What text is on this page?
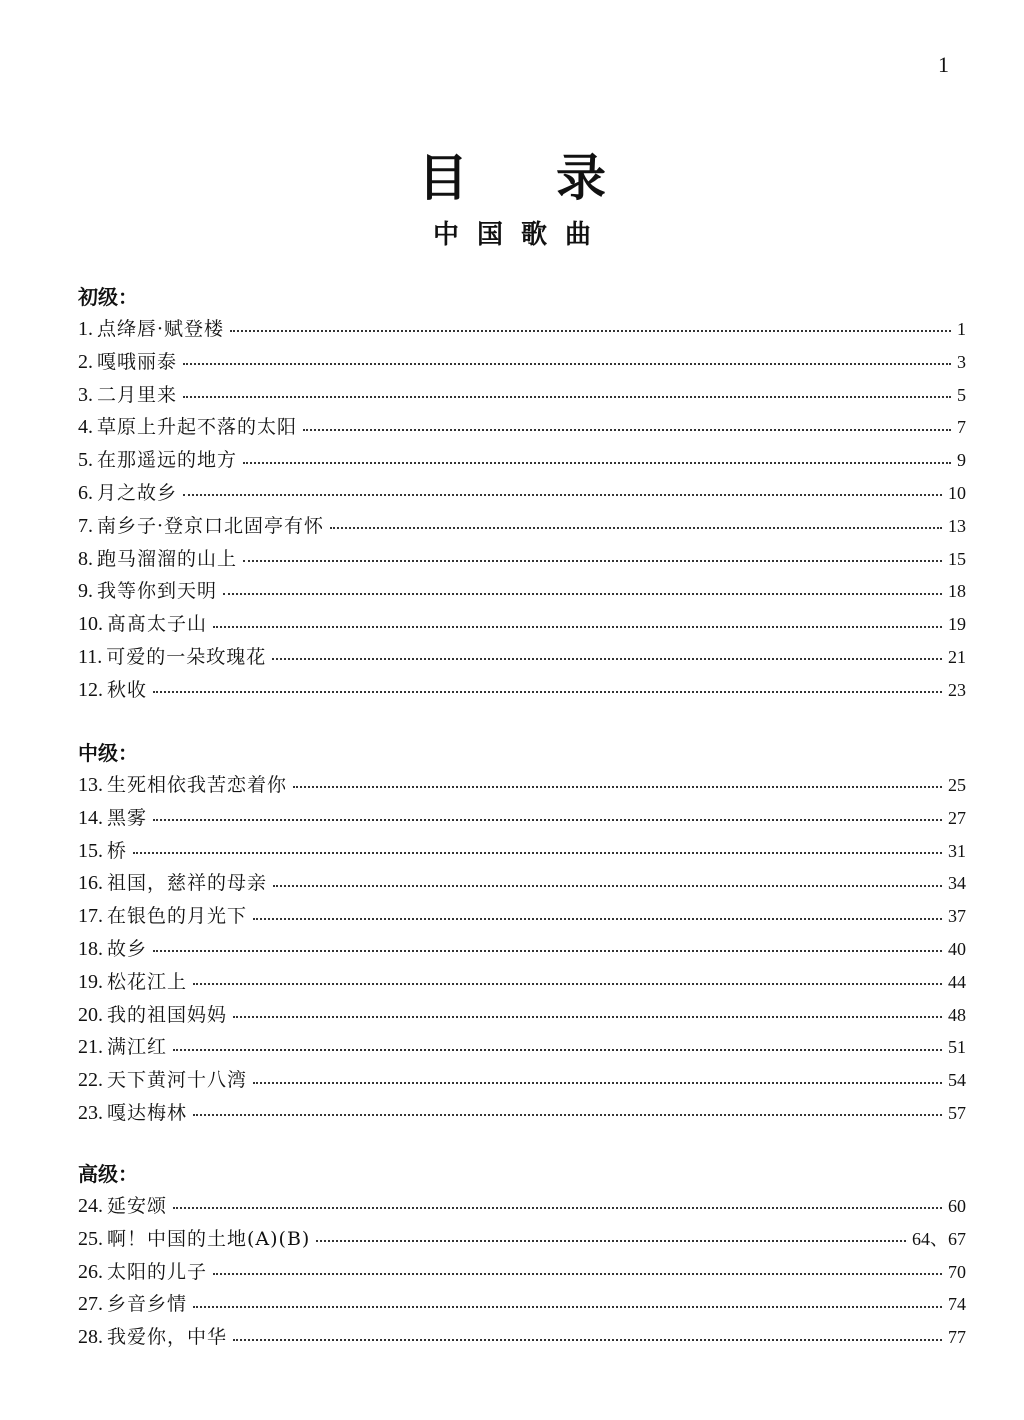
1
目录
中国歌曲
初级：
1. 点绛唇·赋登楼	1
2. 嘎哦丽泰	3
3. 二月里来	5
4. 草原上升起不落的太阳	7
5. 在那遥远的地方	9
6. 月之故乡	10
7. 南乡子·登京口北固亭有怀	13
8. 跑马溜溜的山上	15
9. 我等你到天明	18
10. 髙髙太子山	19
11. 可爱的一朵玫瑰花	21
12. 秋收	23
中级：
13. 生死相依我苦恋着你	25
14. 黑雾	27
15. 桥	31
16. 祖国，慈祥的母亲	34
17. 在银色的月光下	37
18. 故乡	40
19. 松花江上	44
20. 我的祖国妈妈	48
21. 满江红	51
22. 天下黄河十八湾	54
23. 嘎达梅林	57
高级：
24. 延安颂	60
25. 啊！中国的土地(A)(B)	64、67
26. 太阳的儿子	70
27. 乡音乡情	74
28. 我爱你，中华	77
